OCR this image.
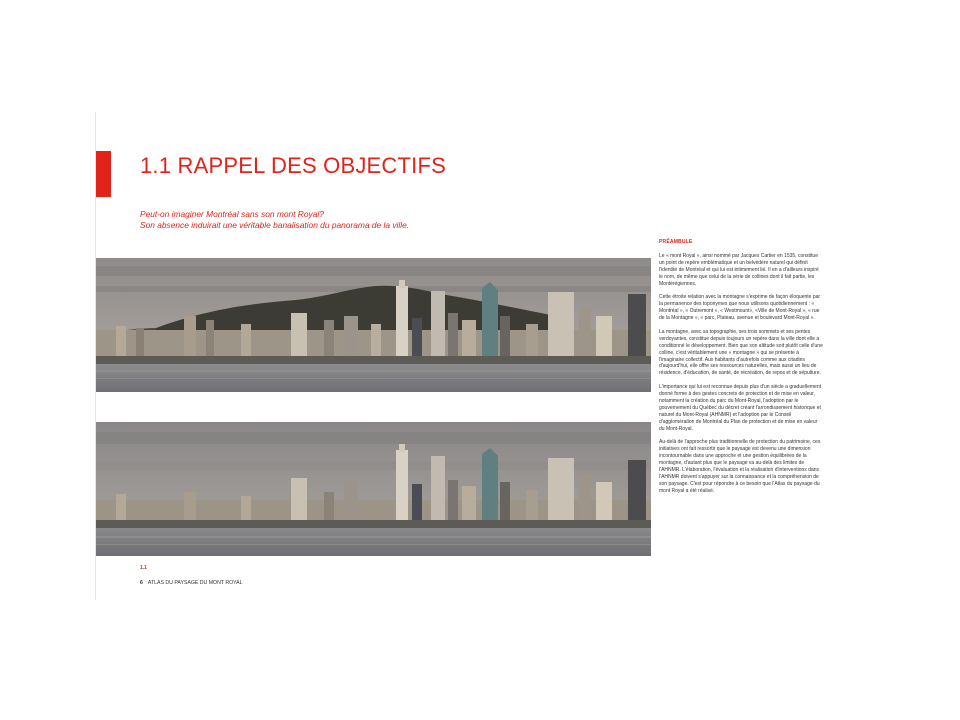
1.1 RAPPEL DES OBJECTIFS
Peut-on imaginer Montréal sans son mont Royal?
Son absence induirait une véritable banalisation du panorama de la ville.
PRÉAMBULE

Le « mont Royal », ainsi nommé par Jacques Cartier en 1535, constitue un point de repère emblématique et un belvédère naturel qui définit l'identité de Montréal et qui lui est intimement lié. Il en a d'ailleurs inspiré le nom, de même que celui de la série de collines dont il fait partie, les Montérégiennes.

Cette étroite relation avec la montagne s'exprime de façon éloquente par la permanence des toponymes que nous utilisons quotidiennement : « Montréal », « Outremont », « Westmount», «Ville de Mont-Royal », « rue de la Montagne », « parc, Plateau, avenue et boulevard Mont-Royal ».

La montagne, avec sa topographie, ses trois sommets et ses pentes verdoyantes, constitue depuis toujours un repère dans la ville dont elle a conditionné le développement. Bien que son altitude soit plutôt celle d'une colline, c'est véritablement une « montagne » qui se présente à l'imaginaire collectif. Aux habitants d'autrefois comme aux citadins d'aujourd'hui, elle offre ses ressources naturelles, mais aussi un lieu de résidence, d'éducation, de santé, de récréation, de repos et de sépulture.

L'importance qui lui est reconnue depuis plus d'un siècle a graduellement donné forme à des gestes concrets de protection et de mise en valeur, notamment la création du parc du Mont-Royal, l'adoption par le gouvernement du Québec du décret créant l'arrondissement historique et naturel du Mont-Royal (AHNMR) et l'adoption par le Conseil d'agglomération de Montréal du Plan de protection et de mise en valeur du Mont-Royal.

Au-delà de l'approche plus traditionnelle de protection du patrimoine, ces initiatives ont fait ressortir que le paysage est devenu une dimension incontournable dans une approche et une gestion équilibrées de la montagne, d'autant plus que le paysage va au-delà des limites de l'AHNMR. L'élaboration, l'évaluation et la réalisation d'interventions dans l'AHNMR doivent s'appuyer sur la connaissance et la compréhension de son paysage. C'est pour répondre à ce besoin que l'Atlas du paysage du mont Royal a été réalisé.

1.1
6 ATLAS DU PAYSAGE DU MONT ROYAL
